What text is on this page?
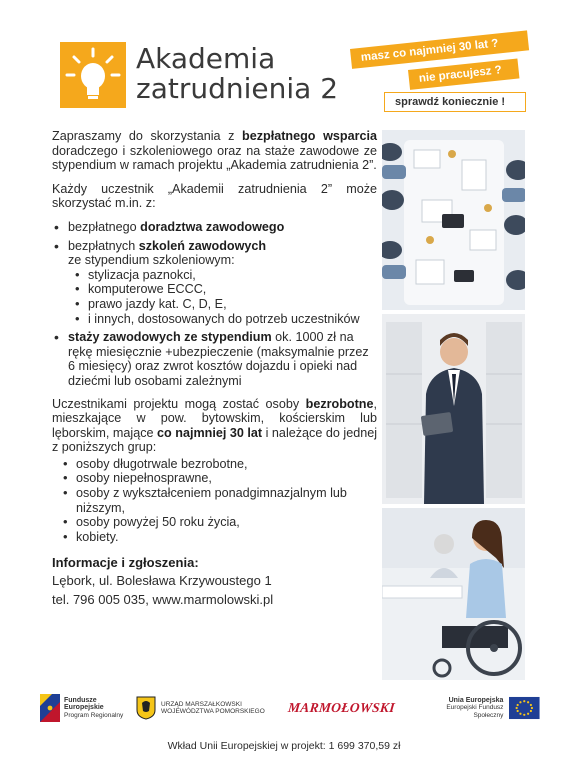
Akademia
zatrudnienia 2
masz co najmniej 30 lat ?
nie pracujesz ?
sprawdź koniecznie !

Zapraszamy do skorzystania z bezpłatnego wsparcia doradczego i szkoleniowego oraz na staże zawodowe ze stypendium w ramach projektu „Akademia zatrudnienia 2”.

Każdy uczestnik „Akademii zatrudnienia 2” może skorzystać m.in. z:

• bezpłatnego doradztwa zawodowego
• bezpłatnych szkoleń zawodowych
ze stypendium szkoleniowym:
• stylizacja paznokci,
• komputerowe ECCC,
• prawo jazdy kat. C, D, E,
• i innych, dostosowanych do potrzeb uczestników
• staży zawodowych ze stypendium ok. 1000 zł na rękę miesięcznie +ubezpieczenie (maksymalnie przez 6 miesięcy) oraz zwrot kosztów dojazdu i opieki nad dziećmi lub osobami zależnymi

Uczestnikami projektu mogą zostać osoby bezrobotne, mieszkające w pow. bytowskim, kościerskim lub lęborskim, mające co najmniej 30 lat i należące do jednej z poniższych grup:

• osoby długotrwale bezrobotne,
• osoby niepełnosprawne,
• osoby z wykształceniem ponadgimnazjalnym lub niższym,
• osoby powyżej 50 roku życia,
• kobiety.
Informacje i zgłoszenia:
Lębork, ul. Bolesława Krzywoustego 1
tel. 796 005 035, www.marmolowski.pl
Fundusze
Europejskie
Program Regionalny
URZĄD MARSZAŁKOWSKI
WOJEWÓDZTWA POMORSKIEGO MARMOŁOWSKI	Unia Europejska
Europejski Fundusz Społeczny
Wkład Unii Europejskiej w projekt: 1 699 370,59 zł
